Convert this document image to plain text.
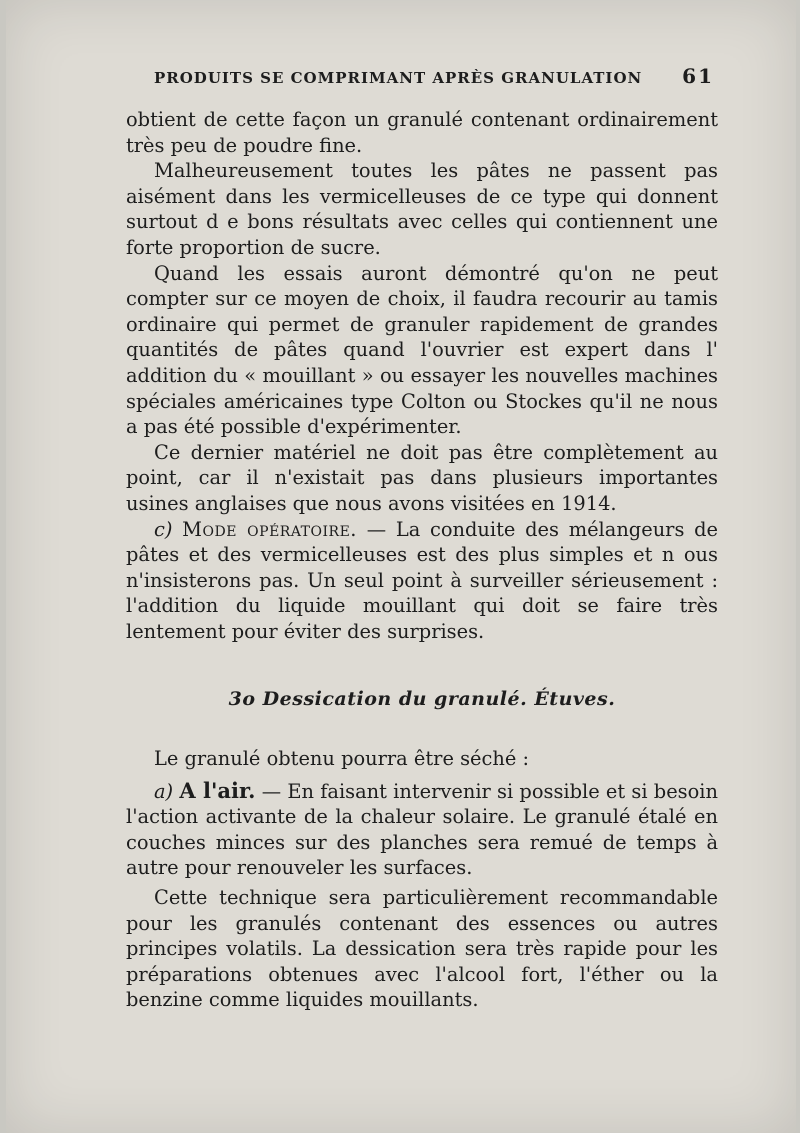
PRODUITS SE COMPRIMANT APRÈS GRANULATION 61

obtient de cette façon un granulé contenant ordinairement très peu de poudre fine.

Malheureusement toutes les pâtes ne passent pas aisément dans les vermicelleuses de ce type qui donnent surtout d e bons résultats avec celles qui contiennent une forte proportion de sucre.

Quand les essais auront démontré qu'on ne peut compter sur ce moyen de choix, il faudra recourir au tamis ordinaire qui permet de granuler rapidement de grandes quantités de pâtes quand l'ouvrier est expert dans l' addition du « mouillant » ou essayer les nouvelles machines spéciales américaines type Colton ou Stockes qu'il ne nous a pas été possible d'expérimenter.

Ce dernier matériel ne doit pas être complètement au point, car il n'existait pas dans plusieurs importantes usines anglaises que nous avons visitées en 1914.

c) Mode opératoire. — La conduite des mélangeurs de pâtes et des vermicelleuses est des plus simples et n ous n'insisterons pas. Un seul point à surveiller sérieusement : l'addition du liquide mouillant qui doit se faire très lentement pour éviter des surprises.

3o Dessication du granulé. Étuves.

Le granulé obtenu pourra être séché :

a) A l'air. — En faisant intervenir si possible et si besoin l'action activante de la chaleur solaire. Le granulé étalé en couches minces sur des planches sera remué de temps à autre pour renouveler les surfaces.

Cette technique sera particulièrement recommandable pour les granulés contenant des essences ou autres principes volatils. La dessication sera très rapide pour les préparations obtenues avec l'alcool fort, l'éther ou la benzine comme liquides mouillants.
